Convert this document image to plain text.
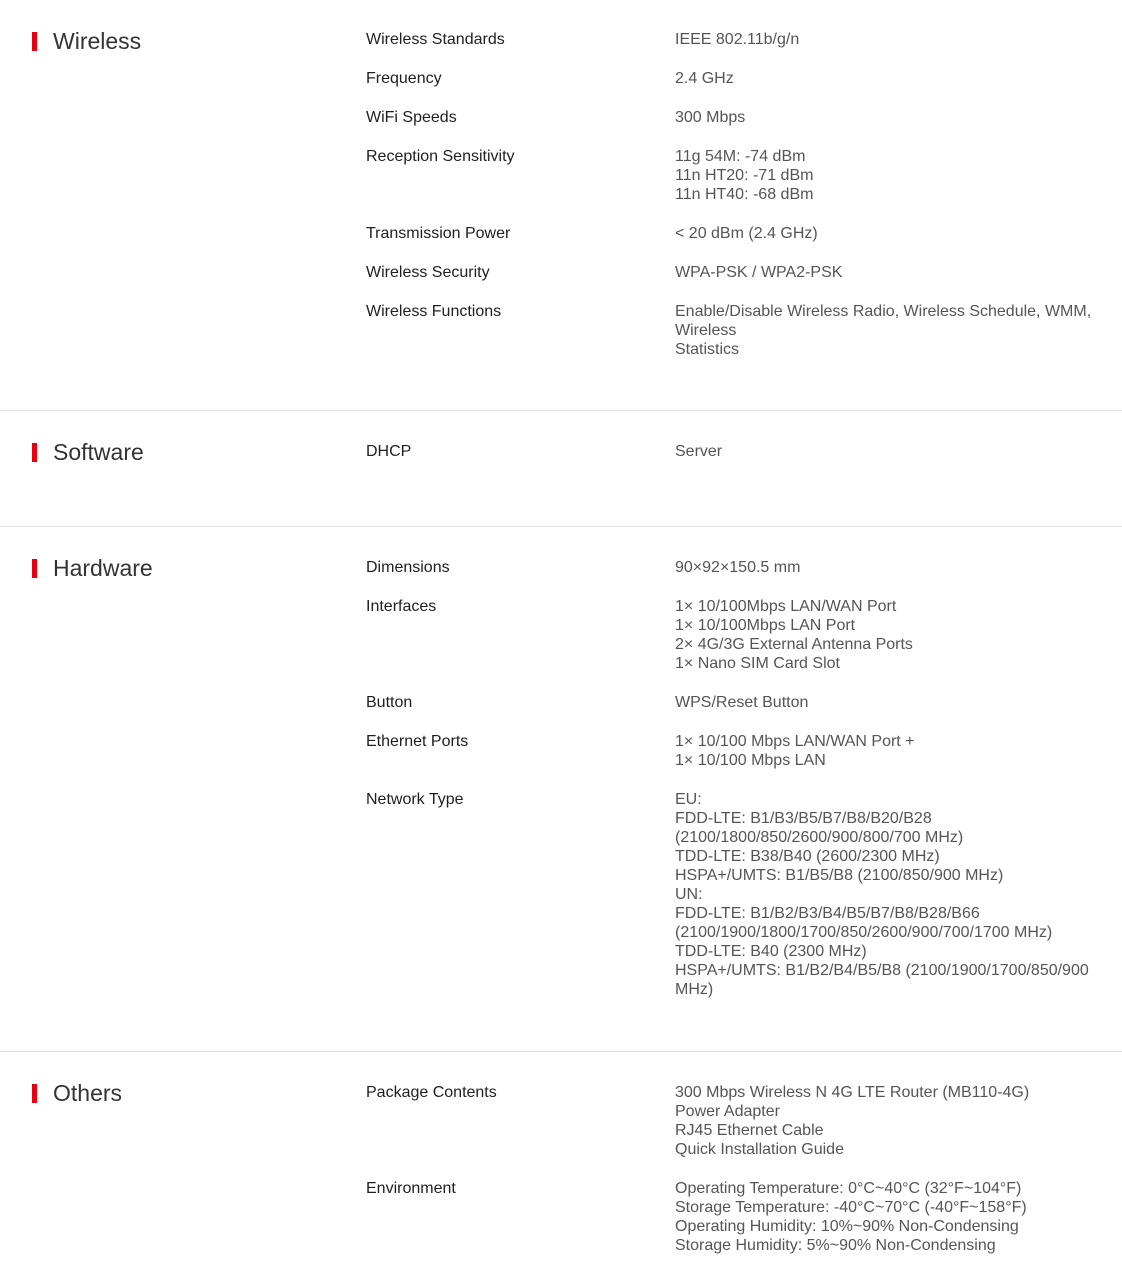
Wireless	Wireless Standards	IEEE 802.11b/g/n
Frequency	2.4 GHz
WiFi Speeds	300 Mbps
Reception Sensitivity	11g 54M: -74 dBm
11n HT20: -71 dBm
11n HT40: -68 dBm
Transmission Power	< 20 dBm (2.4 GHz)
Wireless Security	WPA-PSK / WPA2-PSK
Wireless Functions	Enable/Disable Wireless Radio, Wireless Schedule, WMM,
Wireless
Statistics
Software	DHCP	Server
Hardware	Dimensions	90×92×150.5 mm
Interfaces	1× 10/100Mbps LAN/WAN Port
1× 10/100Mbps LAN Port
2× 4G/3G External Antenna Ports
1× Nano SIM Card Slot
Button	WPS/Reset Button
Ethernet Ports	1× 10/100 Mbps LAN/WAN Port +
1× 10/100 Mbps LAN
Network Type	EU:
FDD-LTE: B1/B3/B5/B7/B8/B20/B28
(2100/1800/850/2600/900/800/700 MHz)
TDD-LTE: B38/B40 (2600/2300 MHz)
HSPA+/UMTS: B1/B5/B8 (2100/850/900 MHz)
UN:
FDD-LTE: B1/B2/B3/B4/B5/B7/B8/B28/B66
(2100/1900/1800/1700/850/2600/900/700/1700 MHz)
TDD-LTE: B40 (2300 MHz)
HSPA+/UMTS: B1/B2/B4/B5/B8 (2100/1900/1700/850/900
MHz)
Others	Package Contents	300 Mbps Wireless N 4G LTE Router (MB110-4G)
Power Adapter
RJ45 Ethernet Cable
Quick Installation Guide
Environment	Operating Temperature: 0°C~40°C (32°F~104°F)
Storage Temperature: -40°C~70°C (-40°F~158°F)
Operating Humidity: 10%~90% Non-Condensing
Storage Humidity: 5%~90% Non-Condensing
